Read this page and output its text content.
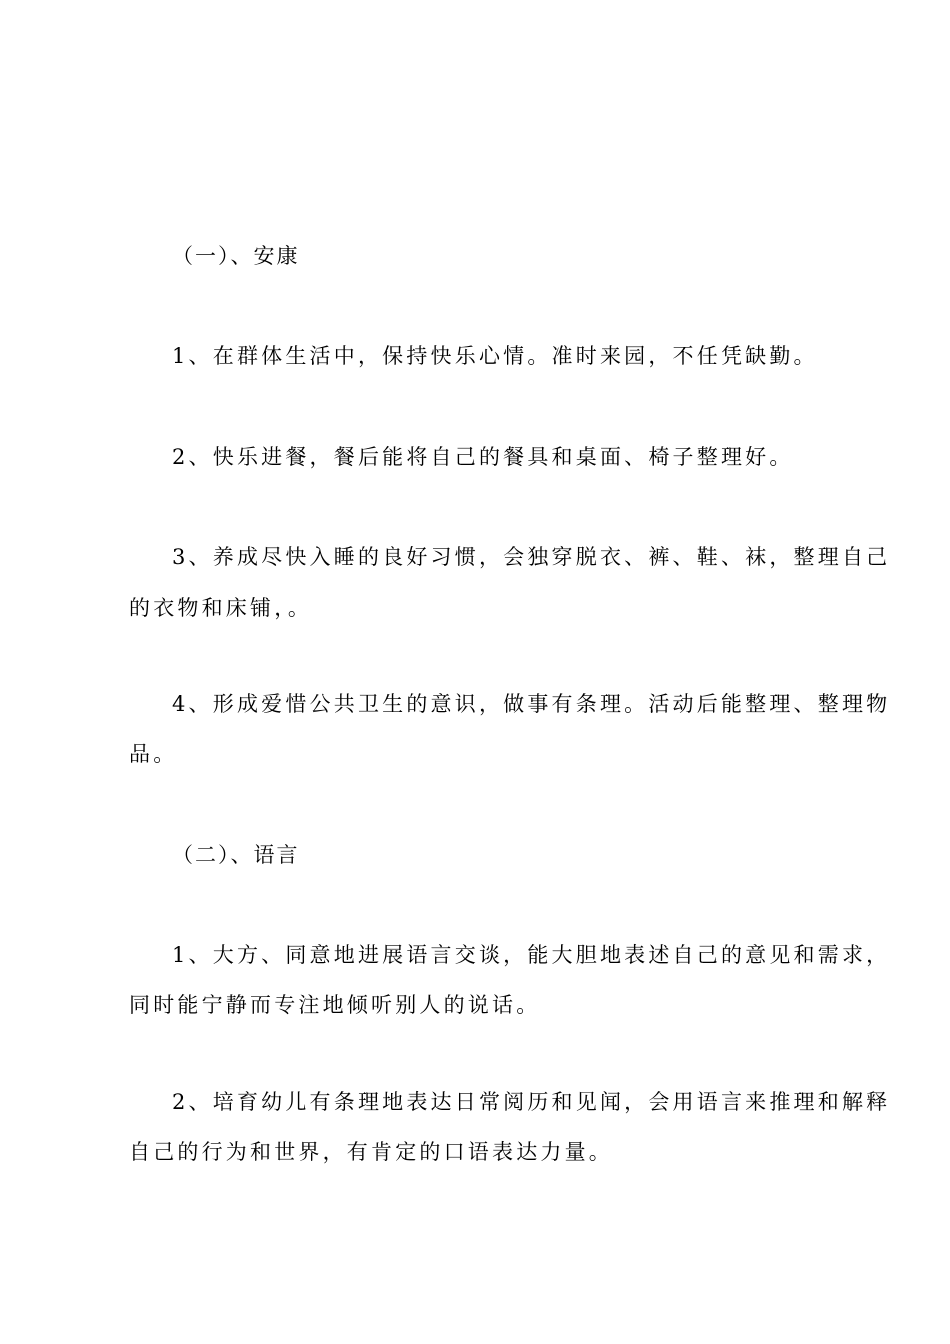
（一）、安康
1、在群体生活中，保持快乐心情。准时来园，不任凭缺勤。
2、快乐进餐，餐后能将自己的餐具和桌面、椅子整理好。
3、养成尽快入睡的良好习惯，会独穿脱衣、裤、鞋、袜，整理自己
的衣物和床铺，。
4、形成爱惜公共卫生的意识，做事有条理。活动后能整理、整理物
品。
（二）、语言
1、大方、同意地进展语言交谈，能大胆地表述自己的意见和需求，
同时能宁静而专注地倾听别人的说话。
2、培育幼儿有条理地表达日常阅历和见闻，会用语言来推理和解释
自己的行为和世界，有肯定的口语表达力量。
